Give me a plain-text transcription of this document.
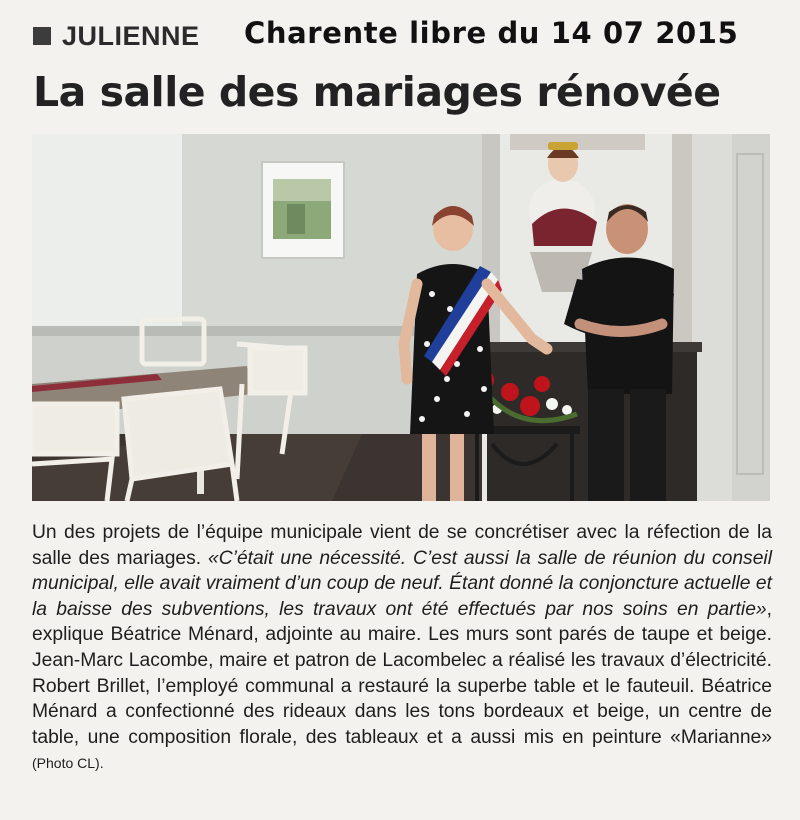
JULIENNE Charente libre du 14 07 2015
La salle des mariages rénovée
Un des projets de l’équipe municipale vient de se concrétiser avec la réfection de la salle des mariages. «C’était une nécessité. C’est aussi la salle de réunion du conseil municipal, elle avait vraiment d’un coup de neuf. Étant donné la conjoncture actuelle et la baisse des subventions, les travaux ont été effectués par nos soins en partie», explique Béatrice Ménard, adjointe au maire. Les murs sont parés de taupe et beige. Jean-Marc Lacombe, maire et patron de Lacombelec a réalisé les travaux d’électricité. Robert Brillet, l’employé communal a restauré la superbe table et le fauteuil. Béatrice Ménard a confectionné des rideaux dans les tons bordeaux et beige, un centre de table, une composition florale, des tableaux et a aussi mis en peinture «Marianne» (Photo CL).
